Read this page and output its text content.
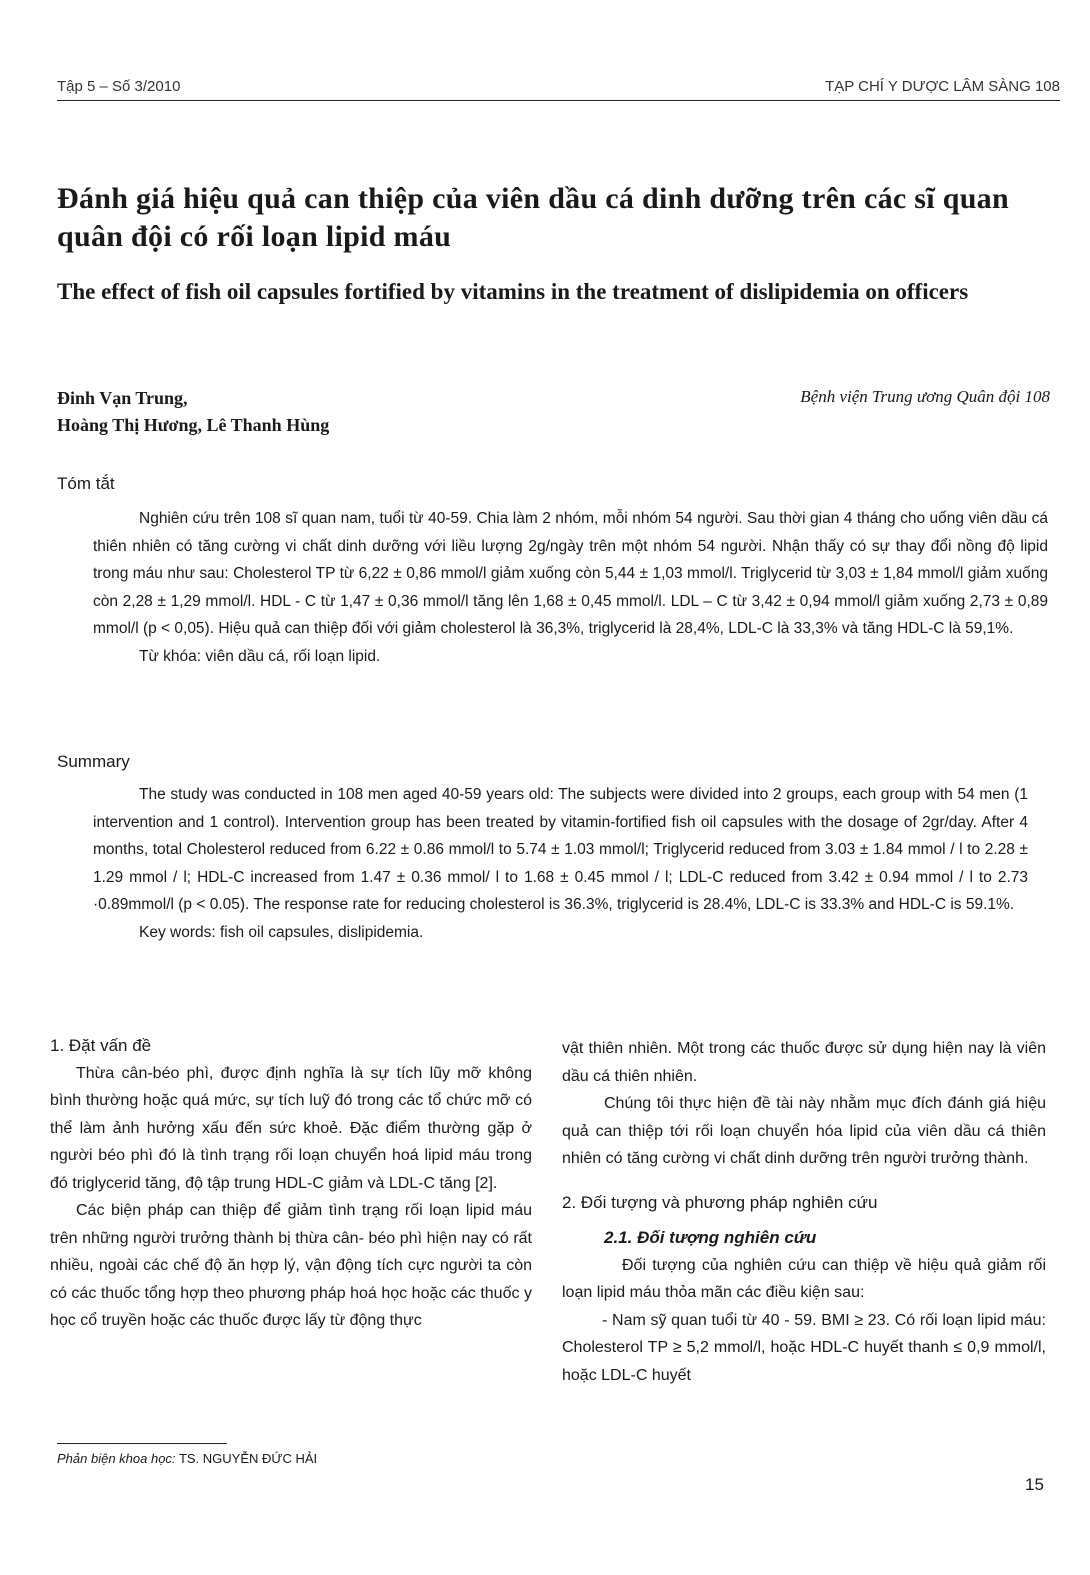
Tập 5 – Số 3/2010	TẠP CHÍ Y DƯỢC LÂM SÀNG 108
Đánh giá hiệu quả can thiệp của viên dầu cá dinh dưỡng trên các sĩ quan quân đội có rối loạn lipid máu
The effect of fish oil capsules fortified by vitamins in the treatment of dislipidemia on officers
Đinh Vạn Trung,
Hoàng Thị Hương, Lê Thanh Hùng
Bệnh viện Trung ương Quân đội 108
Tóm tắt

Nghiên cứu trên 108 sĩ quan nam, tuổi từ 40-59. Chia làm 2 nhóm, mỗi nhóm 54 người. Sau thời gian 4 tháng cho uống viên dầu cá thiên nhiên có tăng cường vi chất dinh dưỡng với liều lượng 2g/ngày trên một nhóm 54 người. Nhận thấy có sự thay đổi nồng độ lipid trong máu như sau: Cholesterol TP từ 6,22 ± 0,86 mmol/l giảm xuống còn 5,44 ± 1,03 mmol/l. Triglycerid từ 3,03 ± 1,84 mmol/l giảm xuống còn 2,28 ± 1,29 mmol/l. HDL - C từ 1,47 ± 0,36 mmol/l tăng lên 1,68 ± 0,45 mmol/l. LDL – C từ 3,42 ± 0,94 mmol/l giảm xuống 2,73 ± 0,89 mmol/l (p < 0,05). Hiệu quả can thiệp đối với giảm cholesterol là 36,3%, triglycerid là 28,4%, LDL-C là 33,3% và tăng HDL-C là 59,1%.

Từ khóa: viên dầu cá, rối loạn lipid.

Summary

The study was conducted in 108 men aged 40-59 years old: The subjects were divided into 2 groups, each group with 54 men (1 intervention and 1 control). Intervention group has been treated by vitamin-fortified fish oil capsules with the dosage of 2gr/day. After 4 months, total Cholesterol reduced from 6.22 ± 0.86 mmol/l to 5.74 ± 1.03 mmol/l; Triglycerid reduced from 3.03 ± 1.84 mmol / l to 2.28 ± 1.29 mmol / l; HDL-C increased from 1.47 ± 0.36 mmol/ l to 1.68 ± 0.45 mmol / l; LDL-C reduced from 3.42 ± 0.94 mmol / l to 2.73 ·0.89mmol/l (p < 0.05). The response rate for reducing cholesterol is 36.3%, triglycerid is 28.4%, LDL-C is 33.3% and HDL-C is 59.1%.

Key words: fish oil capsules, dislipidemia.

1. Đặt vấn đề

Thừa cân-béo phì, được định nghĩa là sự tích lũy mỡ không bình thường hoặc quá mức, sự tích luỹ đó trong các tổ chức mỡ có thể làm ảnh hưởng xấu đến sức khoẻ. Đặc điểm thường gặp ở người béo phì đó là tình trạng rối loạn chuyển hoá lipid máu trong đó triglycerid tăng, độ tập trung HDL-C giảm và LDL-C tăng [2].

Các biện pháp can thiệp để giảm tình trạng rối loạn lipid máu trên những người trưởng thành bị thừa cân- béo phì hiện nay có rất nhiều, ngoài các chế độ ăn hợp lý, vận động tích cực người ta còn có các thuốc tổng hợp theo phương pháp hoá học hoặc các thuốc y học cổ truyền hoặc các thuốc được lấy từ động thực

vật thiên nhiên. Một trong các thuốc được sử dụng hiện nay là viên dầu cá thiên nhiên.

Chúng tôi thực hiện đề tài này nhằm mục đích đánh giá hiệu quả can thiệp tới rối loạn chuyển hóa lipid của viên dầu cá thiên nhiên có tăng cường vi chất dinh dưỡng trên người trưởng thành.

2. Đối tượng và phương pháp nghiên cứu
2.1. Đối tượng nghiên cứu

Đối tượng của nghiên cứu can thiệp về hiệu quả giảm rối loạn lipid máu thỏa mãn các điều kiện sau:

- Nam sỹ quan tuổi từ 40 - 59. BMI ≥ 23. Có rối loạn lipid máu: Cholesterol TP ≥ 5,2 mmol/l, hoặc HDL-C huyết thanh ≤ 0,9 mmol/l, hoặc LDL-C huyết

Phản biện khoa học: TS. NGUYỄN ĐỨC HẢI
15
